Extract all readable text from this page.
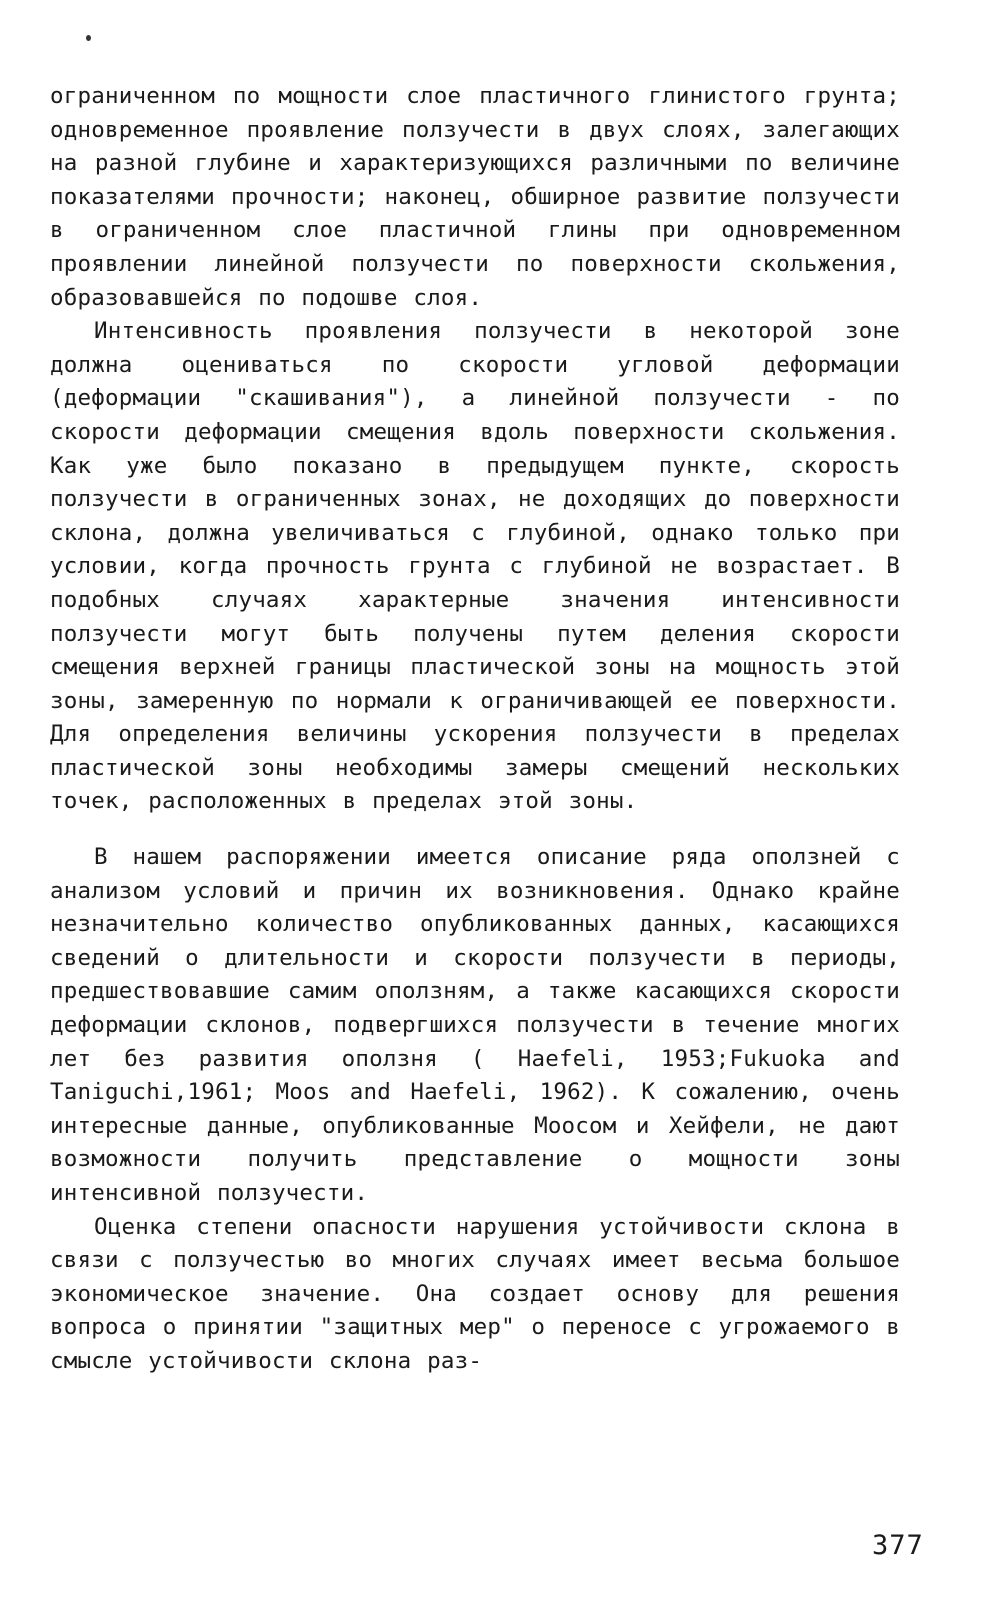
ограниченном по мощности слое пластичного глинистого грунта; одновременное проявление ползучести в двух слоях, залегающих на разной глубине и характеризующихся различными по величине показателями прочности; наконец, обширное развитие ползучести в ограниченном слое пластичной глины при одновременном проявлении линейной ползучести по поверхности скольжения, образовавшейся по подошве слоя.

Интенсивность проявления ползучести в некоторой зоне должна оцениваться по скорости угловой деформации (деформации "скашивания"), а линейной ползучести - по скорости деформации смещения вдоль поверхности скольжения. Как уже было показано в предыдущем пункте, скорость ползучести в ограниченных зонах, не доходящих до поверхности склона, должна увеличиваться с глубиной, однако только при условии, когда прочность грунта с глубиной не возрастает. В подобных случаях характерные значения интенсивности ползучести могут быть получены путем деления скорости смещения верхней границы пластической зоны на мощность этой зоны, замеренную по нормали к ограничивающей ее поверхности. Для определения величины ускорения ползучести в пределах пластической зоны необходимы замеры смещений нескольких точек, расположенных в пределах этой зоны.

В нашем распоряжении имеется описание ряда оползней с анализом условий и причин их возникновения. Однако крайне незначительно количество опубликованных данных, касающихся сведений о длительности и скорости ползучести в периоды, предшествовавшие самим оползням, а также касающихся скорости деформации склонов, подвергшихся ползучести в течение многих лет без развития оползня ( Haefeli, 1953;Fukuoka and Taniguchi,1961; Moos and Haefeli, 1962). К сожалению, очень интересные данные, опубликованные Моосом и Хейфели, не дают возможности получить представление о мощности зоны интенсивной ползучести.

Оценка степени опасности нарушения устойчивости склона в связи с ползучестью во многих случаях имеет весьма большое экономическое значение. Она создает основу для решения вопроса о принятии "защитных мер" о переносе с угрожаемого в смысле устойчивости склона раз-

377
